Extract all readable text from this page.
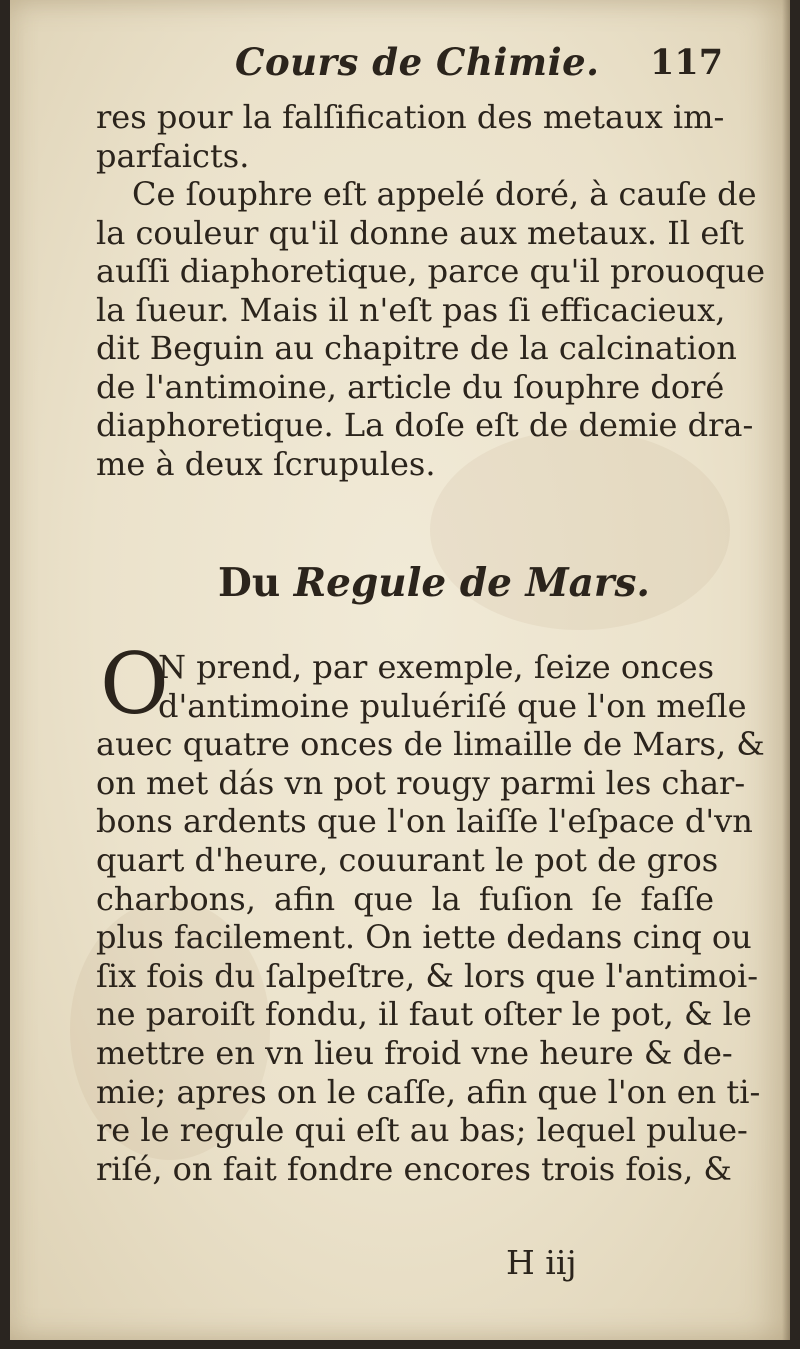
Cours de Chimie. 117
res pour la falſification des metaux im-
parfaicts.
Ce ſouphre eſt appelé doré, à cauſe de
la couleur qu'il donne aux metaux. Il eſt
auſſi diaphoretique, parce qu'il prouoque
la ſueur. Mais il n'eſt pas ſi efficacieux,
dit Beguin au chapitre de la calcination
de l'antimoine, article du ſouphre doré
diaphoretique. La doſe eſt de demie dra-
me à deux ſcrupules.
Du Regule de Mars.
O
N prend, par exemple, ſeize onces
d'antimoine puluériſé que l'on meſle
auec quatre onces de limaille de Mars, &
on met dás vn pot rougy parmi les char-
bons ardents que l'on laiſſe l'eſpace d'vn
quart d'heure, couurant le pot de gros
charbons, afin que la fuſion ſe faſſe
plus facilement. On iette dedans cinq ou
ſix fois du ſalpeſtre, & lors que l'antimoi-
ne paroiſt fondu, il faut oſter le pot, & le
mettre en vn lieu froid vne heure & de-
mie; apres on le caſſe, afin que l'on en ti-
re le regule qui eſt au bas; lequel puluе-
riſé, on fait fondre encores trois fois, &
H iij
